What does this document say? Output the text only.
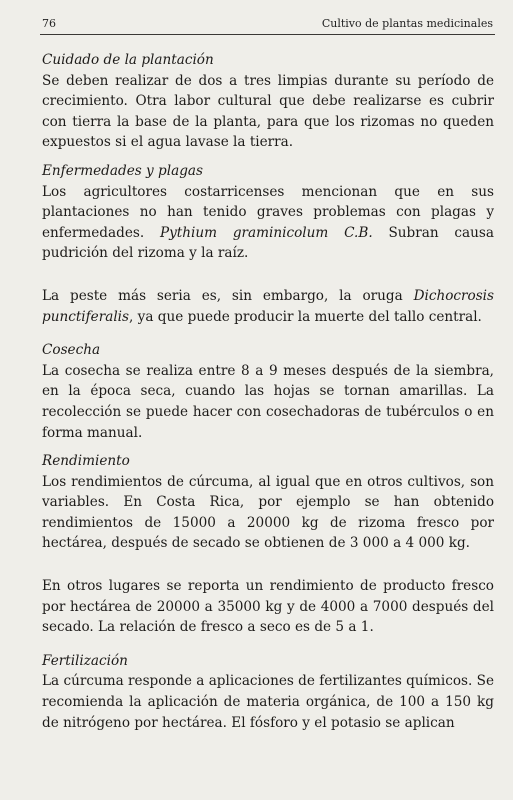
76	Cultivo de plantas medicinales

Cuidado de la plantación

Se deben realizar de dos a tres limpias durante su período de crecimiento. Otra labor cultural que debe realizarse es cubrir con tierra la base de la planta, para que los rizomas no queden expuestos si el agua lavase la tierra.

Enfermedades y plagas

Los agricultores costarricenses mencionan que en sus plantaciones no han tenido graves problemas con plagas y enfermedades. Pythium graminicolum C.B. Subran causa pudrición del rizoma y la raíz.

La peste más seria es, sin embargo, la oruga Dichocrosis punctiferalis, ya que puede producir la muerte del tallo central.

Cosecha

La cosecha se realiza entre 8 a 9 meses después de la siembra, en la época seca, cuando las hojas se tornan amarillas. La recolección se puede hacer con cosechadoras de tubérculos o en forma manual.

Rendimiento

Los rendimientos de cúrcuma, al igual que en otros cultivos, son variables. En Costa Rica, por ejemplo se han obtenido rendimientos de 15000 a 20000 kg de rizoma fresco por hectárea, después de secado se obtienen de 3 000 a 4 000 kg.

En otros lugares se reporta un rendimiento de producto fresco por hectárea de 20000 a 35000 kg y de 4000 a 7000 después del secado. La relación de fresco a seco es de 5 a 1.

Fertilización

La cúrcuma responde a aplicaciones de fertilizantes químicos. Se recomienda la aplicación de materia orgánica, de 100 a 150 kg de nitrógeno por hectárea. El fósforo y el potasio se aplican
